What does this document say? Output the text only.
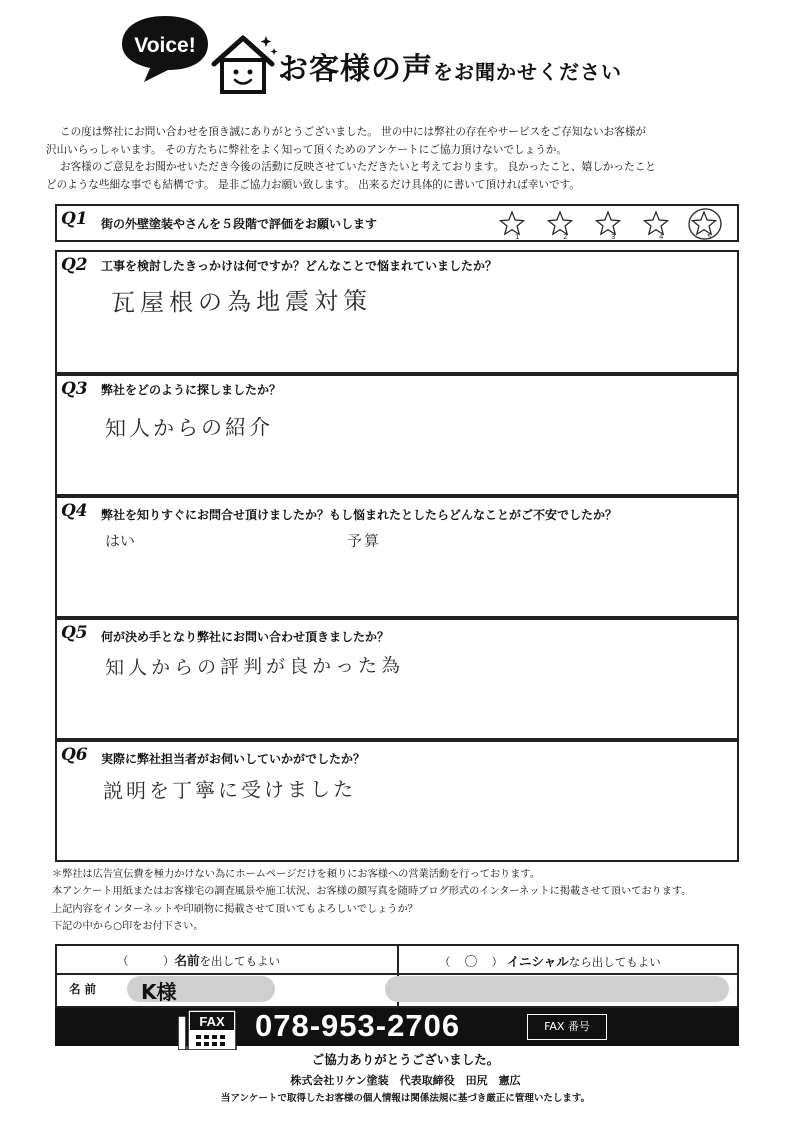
Voice!
お客様の声をお聞かせください

この度は弊社にお問い合わせを頂き誠にありがとうございました。 世の中には弊社の存在やサービスをご存知ないお客様が

沢山いらっしゃいます。 その方たちに弊社をよく知って頂くためのアンケートにご協力頂けないでしょうか。

お客様のご意見をお聞かせいただき今後の活動に反映させていただきたいと考えております。 良かったこと、嬉しかったこと

どのような些細な事でも結構です。 是非ご協力お願い致します。 出来るだけ具体的に書いて頂ければ幸いです。

Q1 街の外壁塗装やさんを５段階で評価をお願いします
1	2	3	4	5
Q2 工事を検討したきっかけは何ですか？どんなことで悩まれていましたか？
瓦屋根の為地震対策
Q3 弊社をどのように探しましたか？
知人からの紹介
Q4 弊社を知りすぐにお問合せ頂けましたか？もし悩まれたとしたらどんなことがご不安でしたか？
はい	予算
Q5 何が決め手となり弊社にお問い合わせ頂きましたか？
知人からの評判が良かった為
Q6 実際に弊社担当者がお伺いしていかがでしたか？
説明を丁寧に受けました

＊弊社は広告宣伝費を極力かけない為にホームページだけを頼りにお客様への営業活動を行っております。

本アンケート用紙またはお客様宅の調査風景や施工状況、お客様の顔写真を随時ブログ形式のインターネットに掲載させて頂いております。

上記内容をインターネットや印刷物に掲載させて頂いてもよろしいでしょうか？

下記の中から○印をお付下さい。

（　　　）名前を出してもよい	（ 〇 ） イニシャルなら出してもよい
名 前 K様
078-953-2706	FAX 番号
FAX
ご協力ありがとうございました。
株式会社リケン塗装　代表取締役　田尻　憲広
当アンケートで取得したお客様の個人情報は関係法規に基づき厳正に管理いたします。
